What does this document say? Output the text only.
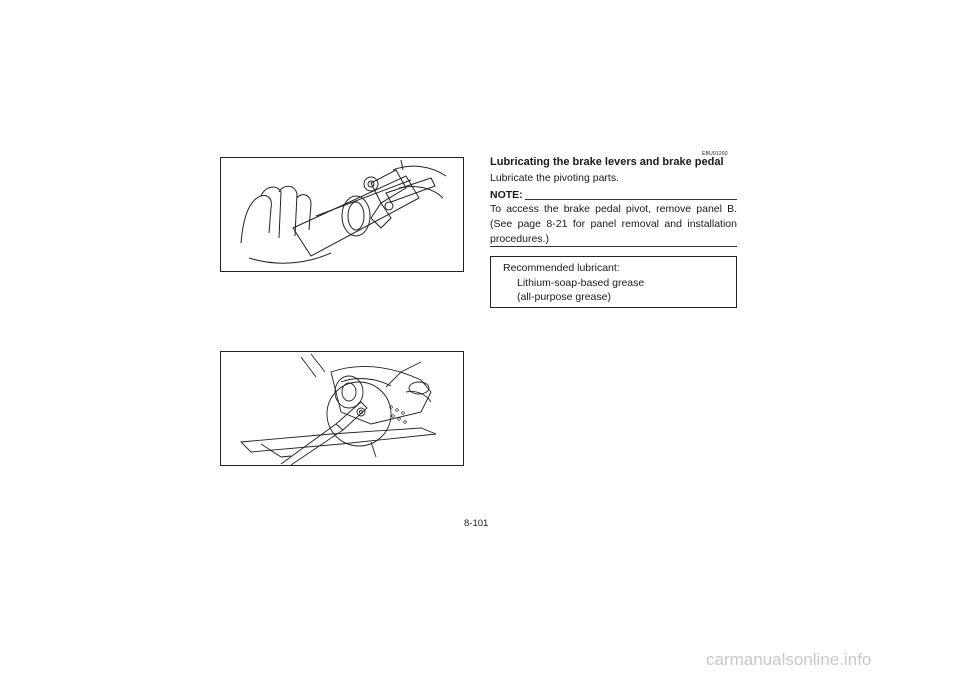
EBU01260
Lubricating the brake levers and brake pedal
Lubricate the pivoting parts.
NOTE:
To access the brake pedal pivot, remove panel B. (See page 8-21 for panel removal and installation procedures.)
Recommended lubricant:
Lithium-soap-based grease
(all-purpose grease)
8-101
carmanualsonline.info
